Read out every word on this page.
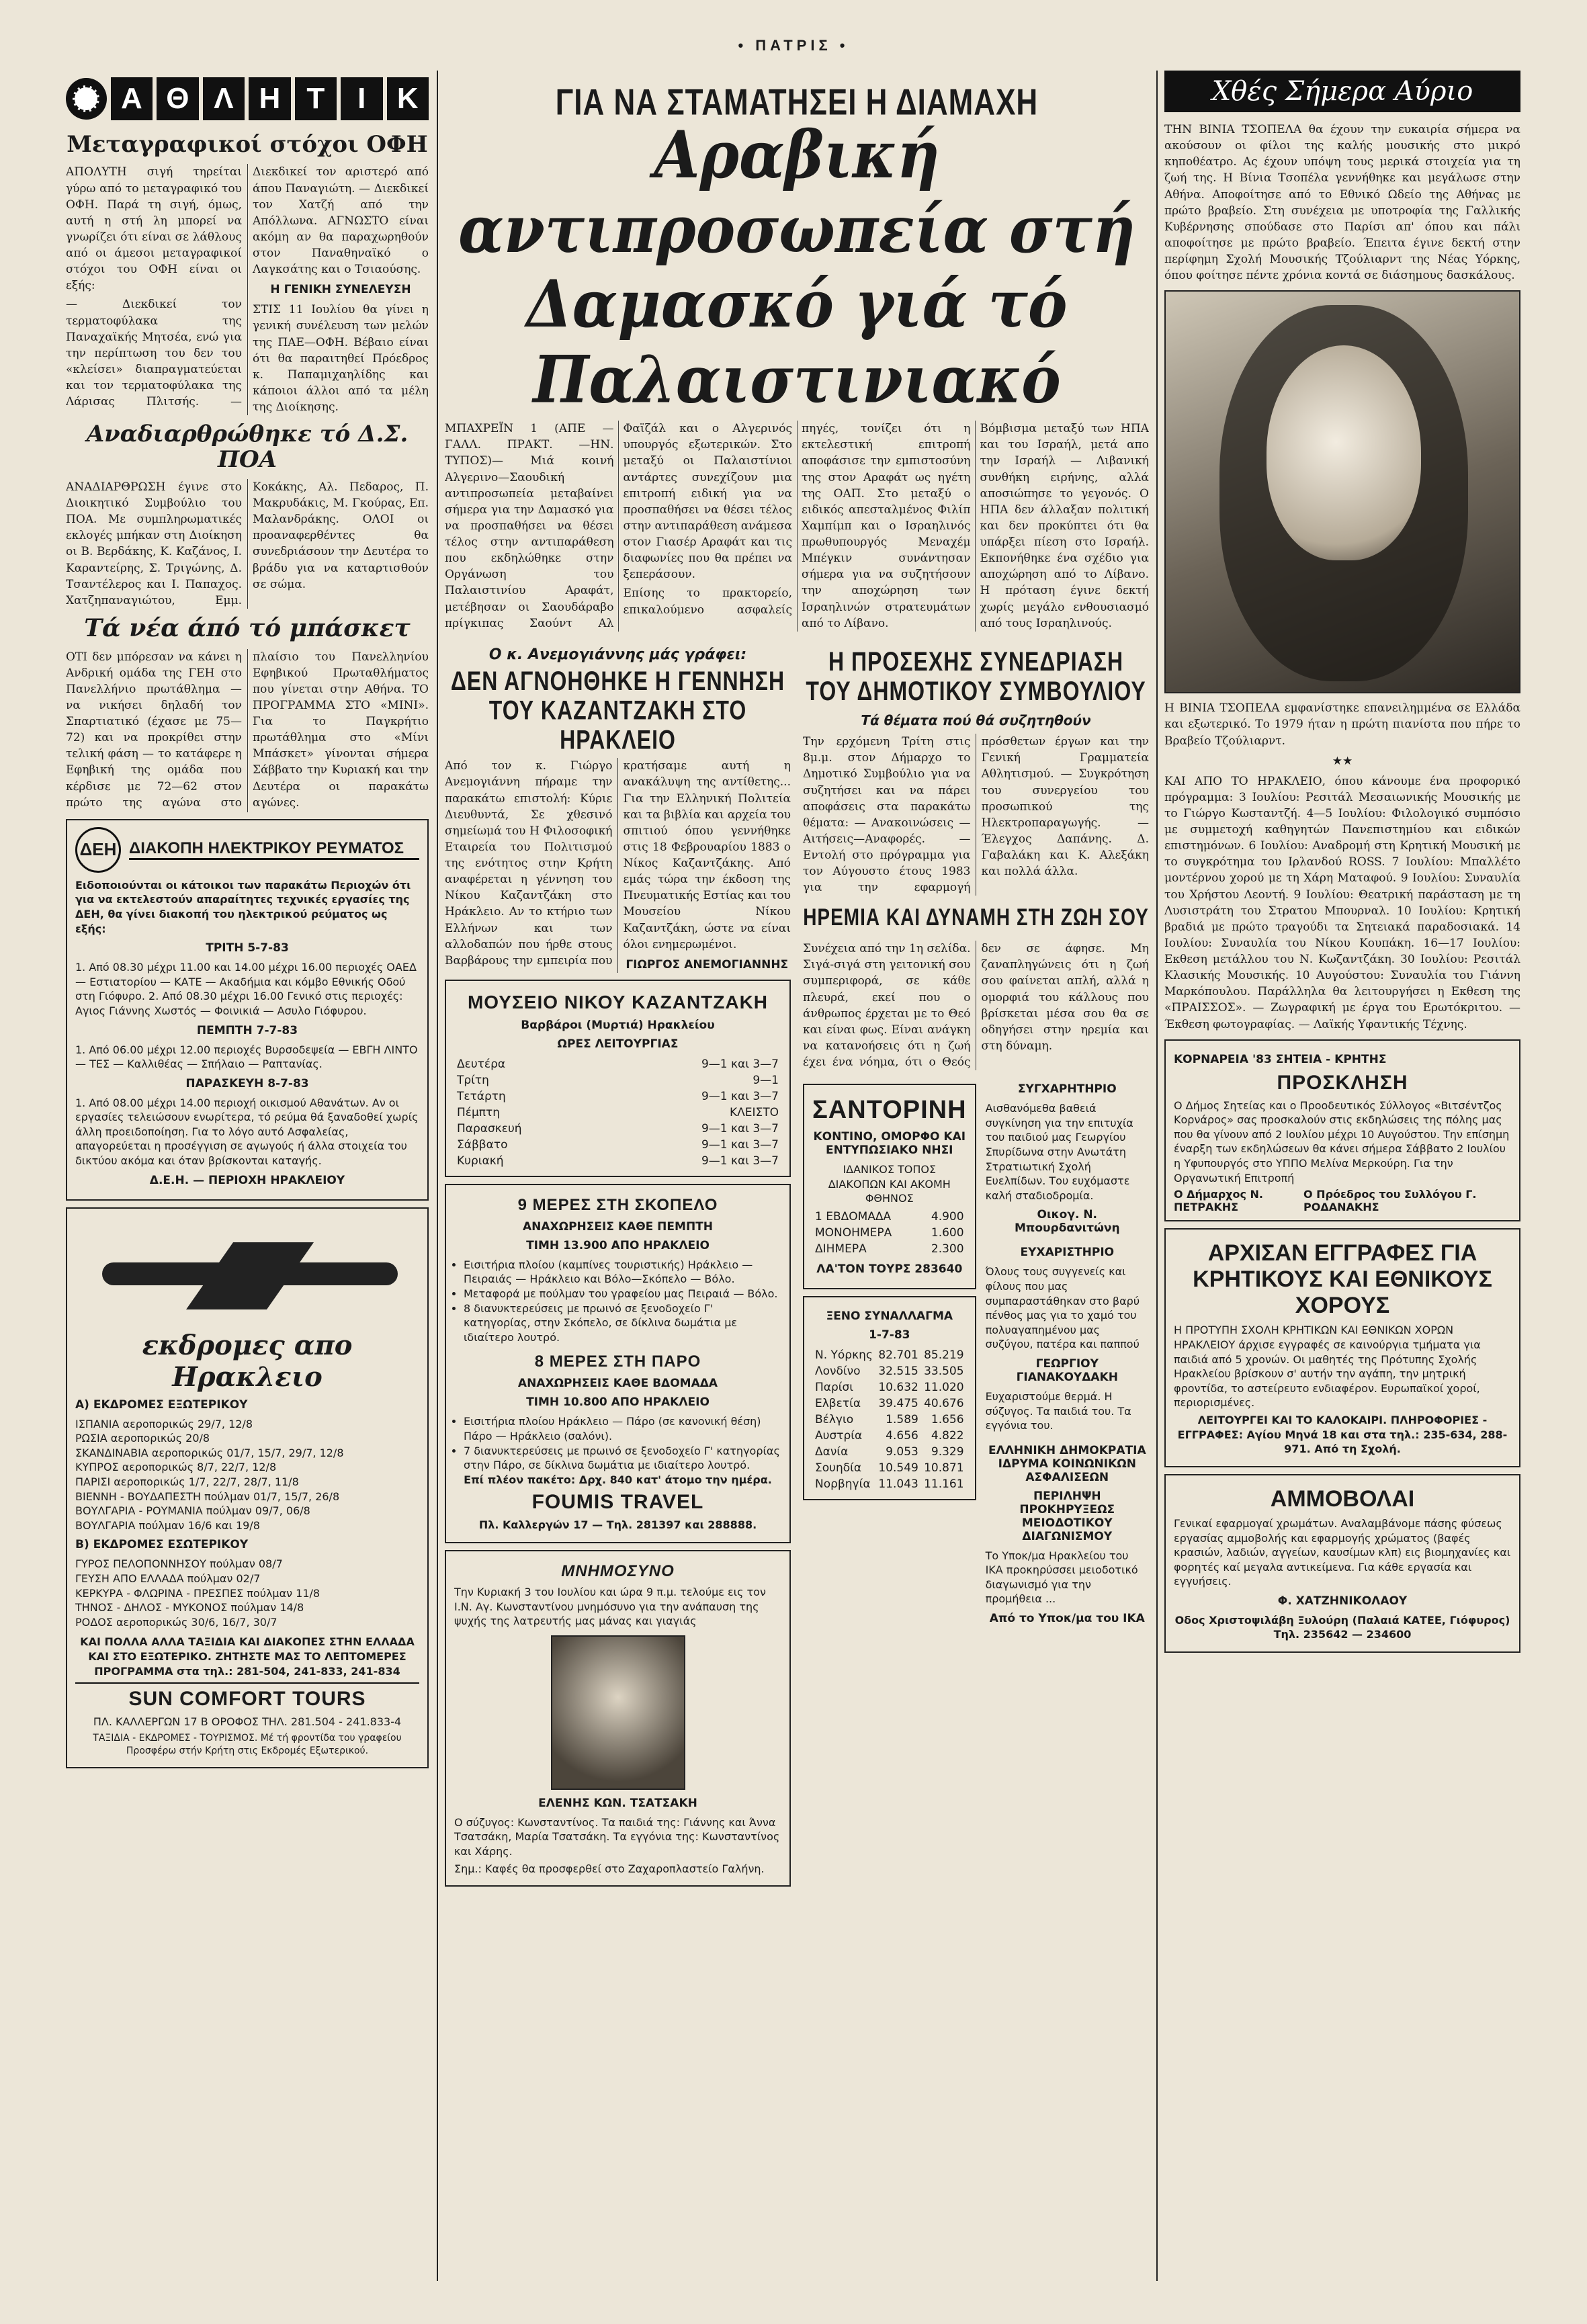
• ΠΑΤΡΙΣ •
Α Θ Λ Η Τ	Ι	Κ
Μεταγραφικοί στόχοι ΟΦΗ

ΑΠΟΛΥΤΗ σιγή τηρείται γύρω από το μεταγραφικό του ΟΦΗ. Παρά τη σιγή, όμως, αυτή η στή λη μπορεί να γνωρίζει ότι είναι σε λάθλους από οι άμεσοι μεταγραφικοί στόχοι του ΟΦΗ είναι οι εξής:

— Διεκδικεί τον τερματοφύλακα της Παναχαϊκής Μητσέα, ενώ για την περίπτωση του δεν του «κλείσει» διαπραγματεύεται και τον τερματοφύλακα της Λάρισας Πλιτσής. — Διεκδικεί τον αριστερό από άπου Παναγιώτη. — Διεκδικεί τον Χατζή από την Απόλλωνα. ΑΓΝΩΣΤΟ είναι ακόμη αν θα παραχωρηθούν στον Παναθηναϊκό ο Λαγκσάτης και ο Τσιαούσης.

Η ΓΕΝΙΚΗ ΣΥΝΕΛΕΥΣΗ

ΣΤΙΣ 11 Ιουλίου θα γίνει η γενική συνέλευση των μελών της ΠΑΕ—ΟΦΗ. Βέβαιο είναι ότι θα παραιτηθεί Πρόεδρος κ. Παπαμιχαηλίδης και κάποιοι άλλοι από τα μέλη της Διοίκησης.

Αναδιαρθρώθηκε τό Δ.Σ. ΠΟΑ

ΑΝΑΔΙΑΡΘΡΩΣΗ έγινε στο Διοικητικό Συμβούλιο του ΠΟΑ. Με συμπληρωματικές εκλογές μπήκαν στη Διοίκηση οι Β. Βερδάκης, Κ. Καζάνος, Ι. Καραντείρης, Σ. Τριγώνης, Δ. Τσαντέλερος και Ι. Παπαχος. Χατζηπαναγιώτου, Εμμ. Κοκάκης, Αλ. Πεδαρος, Π. Μακρυδάκις, Μ. Γκούρας, Επ. Μαλανδράκης. ΟΛΟΙ οι προαναφερθέντες θα συνεδριάσουν την Δευτέρα το βράδυ για να καταρτισθούν σε σώμα.

Τά νέα άπό τό μπάσκετ

ΟΤΙ δεν μπόρεσαν να κάνει η Ανδρική ομάδα της ΓΕΗ στο Πανελλήνιο πρωτάθλημα — να νικήσει δηλαδή τον Σπαρτιατικό (έχασε με 75—72) και να προκρίθει στην τελική φάση — το κατάφερε η Εφηβική της ομάδα που κέρδισε με 72—62 στον πρώτο της αγώνα στο πλαίσιο του Πανελληνίου Εφηβικού Πρωταθλήματος που γίνεται στην Αθήνα. ΤΟ ΠΡΟΓΡΑΜΜΑ ΣΤΟ «ΜΙΝΙ». Για το Παγκρήτιο πρωτάθλημα στο «Μίνι Μπάσκετ» γίνονται σήμερα Σάββατο την Κυριακή και την Δευτέρα οι παρακάτω αγώνες.

ΔΕΗ ΔΙΑΚΟΠΗ ΗΛΕΚΤΡΙΚΟΥ ΡΕΥΜΑΤΟΣ

Ειδοποιούνται οι κάτοικοι των παρακάτω Περιοχών ότι για να εκτελεστούν απαραίτητες τεχνικές εργασίες της ΔΕΗ, θα γίνει διακοπή του ηλεκτρικού ρεύματος ως εξής:

ΤΡΙΤΗ 5-7-83

1. Από 08.30 μέχρι 11.00 και 14.00 μέχρι 16.00 περιοχές ΟΑΕΔ — Εστιατορίου — ΚΑΤΕ — Ακαδήμια και κόμβο Εθνικής Οδού στη Γιόφυρο. 2. Από 08.30 μέχρι 16.00 Γενικό στις περιοχές: Αγιος Γιάννης Χωστός — Φοινικιά — Ασυλο Γιόφυρου.

ΠΕΜΠΤΗ 7-7-83

1. Από 06.00 μέχρι 12.00 περιοχές Βυρσοδεψεία — ΕΒΓΗ ΛΙΝΤΟ — ΤΕΣ — Καλλιθέας — Σπήλαιο — Ραπτανίας.

ΠΑΡΑΣΚΕΥΗ 8-7-83

1. Από 08.00 μέχρι 14.00 περιοχή οικισμού Αθανάτων. Αν οι εργασίες τελειώσουν ενωρίτερα, τό ρεύμα θά ξαναδοθεί χωρίς άλλη προειδοποίηση. Για το λόγο αυτό Ασφαλείας, απαγορεύεται η προσέγγιση σε αγωγούς ή άλλα στοιχεία του δικτύου ακόμα και όταν βρίσκονται καταγής.

Δ.Ε.Η. — ΠΕΡΙΟΧΗ ΗΡΑΚΛΕΙΟΥ
εκδρομες απο Ηρακλειο
Α) ΕΚΔΡΟΜΕΣ ΕΞΩΤΕΡΙΚΟΥ
ΙΣΠΑΝΙΑ αεροπορικώς 29/7, 12/8
ΡΩΣΙΑ αεροπορικώς 20/8
ΣΚΑΝΔΙΝΑΒΙΑ αεροπορικώς 01/7, 15/7, 29/7, 12/8
ΚΥΠΡΟΣ αεροπορικώς 8/7, 22/7, 12/8
ΠΑΡΙΣΙ αεροπορικώς 1/7, 22/7, 28/7, 11/8
ΒΙΕΝΝΗ - ΒΟΥΔΑΠΕΣΤΗ πούλμαν 01/7, 15/7, 26/8
ΒΟΥΛΓΑΡΙΑ - ΡΟΥΜΑΝΙΑ πούλμαν 09/7, 06/8
ΒΟΥΛΓΑΡΙΑ πούλμαν 16/6 και 19/8
Β) ΕΚΔΡΟΜΕΣ ΕΣΩΤΕΡΙΚΟΥ
ΓΥΡΟΣ ΠΕΛΟΠΟΝΝΗΣΟΥ πούλμαν 08/7
ΓΕΥΣΗ ΑΠΟ ΕΛΛΑΔΑ πούλμαν 02/7
ΚΕΡΚΥΡΑ - ΦΛΩΡΙΝΑ - ΠΡΕΣΠΕΣ πούλμαν 11/8
ΤΗΝΟΣ - ΔΗΛΟΣ - ΜΥΚΟΝΟΣ πούλμαν 14/8
ΡΟΔΟΣ αεροπορικώς 30/6, 16/7, 30/7

ΚΑΙ ΠΟΛΛΑ ΑΛΛΑ ΤΑΞΙΔΙΑ ΚΑΙ ΔΙΑΚΟΠΕΣ ΣΤΗΝ ΕΛΛΑΔΑ ΚΑΙ ΣΤΟ ΕΞΩΤΕΡΙΚΟ. ΖΗΤΗΣΤΕ ΜΑΣ ΤΟ ΛΕΠΤΟΜΕΡΕΣ ΠΡΟΓΡΑΜΜΑ στα τηλ.: 281-504, 241-833, 241-834

SUN COMFORT TOURS

ΠΛ. ΚΑΛΛΕΡΓΩΝ 17 Β ΟΡΟΦΟΣ ΤΗΛ. 281.504 - 241.833-4

ΤΑΞΙΔΙΑ - ΕΚΔΡΟΜΕΣ - ΤΟΥΡΙΣΜΟΣ. Μέ τή φροντίδα του γραφείου Προσφέρω στήν Κρήτη στις Εκδρομές Εξωτερικού.

ΓΙΑ ΝΑ ΣΤΑΜΑΤΗΣΕΙ Η ΔΙΑΜΑΧΗ
Αραβική αντιπροσωπεία στή Δαμασκό γιά τό Παλαιστινιακό

ΜΠΑΧΡΕΪΝ 1 (ΑΠΕ — ΓΑΛΛ. ΠΡΑΚΤ. —ΗΝ. ΤΥΠΟΣ)— Μιά κοινή Αλγερινο—Σαουδική αντιπροσωπεία μεταβαίνει σήμερα για την Δαμασκό για να προσπαθήσει να θέσει τέλος στην αντιπαράθεση που εκδηλώθηκε στην Οργάνωση του Παλαιστινίου Αραφάτ, μετέβησαν οι Σαουδάραβο πρίγκιπας Σαούντ Αλ Φαϊζάλ και ο Αλγερινός υπουργός εξωτερικών. Στο μεταξύ οι Παλαιστίνιοι αντάρτες συνεχίζουν μια επιτροπή ειδική για να προσπαθήσει να θέσει τέλος στην αντιπαράθεση ανάμεσα στον Γιασέρ Αραφάτ και τις διαφωνίες που θα πρέπει να ξεπεράσουν.

Επίσης το πρακτορείο, επικαλούμενο ασφαλείς πηγές, τονίζει ότι η εκτελεστική επιτροπή αποφάσισε την εμπιστοσύνη της στον Αραφάτ ως ηγέτη της ΟΑΠ. Στο μεταξύ ο ειδικός απεσταλμένος Φιλίπ Χαμπίμπ και ο Ισραηλινός πρωθυπουργός Μεναχέμ Μπέγκιν συνάντησαν σήμερα για να συζητήσουν την αποχώρηση των Ισραηλινών στρατευμάτων από το Λίβανο.

Βόμβισμα μεταξύ των ΗΠΑ και του Ισραήλ, μετά απο την Ισραήλ — Λιβανική συνθήκη ειρήνης, αλλά αποσιώπησε το γεγονός. Ο ΗΠΑ δεν άλλαξαν πολιτική και δεν προκύπτει ότι θα υπάρξει πίεση στο Ισραήλ. Εκπονήθηκε ένα σχέδιο για αποχώρηση από το Λίβανο. Η πρόταση έγινε δεκτή χωρίς μεγάλο ενθουσιασμό από τους Ισραηλινούς.

Ο κ. Ανεμογιάννης μάς γράφει:
ΔΕΝ ΑΓΝΟΗΘΗΚΕ Η ΓΕΝΝΗΣΗ ΤΟΥ ΚΑΖΑΝΤΖΑΚΗ ΣΤΟ ΗΡΑΚΛΕΙΟ

Από τον κ. Γιώργο Ανεμογιάννη πήραμε την παρακάτω επιστολή: Κύριε Διευθυντά, Σε χθεσινό σημείωμά του Η Φιλοσοφική Εταιρεία του Πολιτισμού της ενότητος στην Κρήτη αναφέρεται η γέννηση του Νίκου Καζαντζάκη στο Ηράκλειο. Αν το κτήριο των Ελλήνων και των αλλοδαπών που ήρθε στους Βαρβάρους την εμπειρία που κρατήσαμε αυτή η ανακάλυψη της αντίθετης... Για την Ελληνική Πολιτεία και τα βιβλία και αρχεία του σπιτιού όπου γεννήθηκε στις 18 Φεβρουαρίου 1883 ο Νίκος Καζαντζάκης. Από εμάς τώρα την έκδοση της Πνευματικής Εστίας και του Μουσείου Νίκου Καζαντζάκη, ώστε να είναι όλοι ενημερωμένοι.

ΓΙΩΡΓΟΣ ΑΝΕΜΟΓΙΑΝΝΗΣ
ΜΟΥΣΕΙΟ ΝΙΚΟΥ ΚΑΖΑΝΤΖΑΚΗ
Βαρβάροι (Μυρτιά) Ηρακλείου
ΩΡΕΣ ΛΕΙΤΟΥΡΓΙΑΣ
Δευτέρα	9—1 και 3—7
Τρίτη	9—1
Τετάρτη	9—1 και 3—7
Πέμπτη	ΚΛΕΙΣΤΟ
Παρασκευή	9—1 και 3—7
Σάββατο	9—1 και 3—7
Κυριακή	9—1 και 3—7
9 ΜΕΡΕΣ ΣΤΗ ΣΚΟΠΕΛΟ
ΑΝΑΧΩΡΗΣΕΙΣ ΚΑΘΕ ΠΕΜΠΤΗ
ΤΙΜΗ 13.900 ΑΠΟ ΗΡΑΚΛΕΙΟ
• Εισιτήρια πλοίου (καμπίνες τουριστικής) Ηράκλειο — Πειραιάς — Ηράκλειο και Βόλο—Σκόπελο — Βόλο.
• Μεταφορά με πούλμαν του γραφείου μας Πειραιά — Βόλο.
• 8 διανυκτερεύσεις με πρωινό σε ξενοδοχείο Γ' κατηγορίας, στην Σκόπελο, σε δίκλινα δωμάτια με ιδιαίτερο λουτρό.
8 ΜΕΡΕΣ ΣΤΗ ΠΑΡΟ
ΑΝΑΧΩΡΗΣΕΙΣ ΚΑΘΕ ΒΔΟΜΑΔΑ
ΤΙΜΗ 10.800 ΑΠΟ ΗΡΑΚΛΕΙΟ
• Εισιτήρια πλοίου Ηράκλειο — Πάρο (σε κανονική θέση) Πάρο — Ηράκλειο (σαλόνι).
• 7 διανυκτερεύσεις με πρωινό σε ξενοδοχείο Γ' κατηγορίας στην Πάρο, σε δίκλινα δωμάτια με ιδιαίτερο λουτρό.

Επί πλέον πακέτο: Δρχ. 840 κατ' άτομο την ημέρα.

FOUMIS TRAVEL

Πλ. Καλλεργών 17 — Τηλ. 281397 και 288888.

ΜΝΗΜΟΣΥΝΟ

Την Κυριακή 3 του Ιουλίου και ώρα 9 π.μ. τελούμε εις τον Ι.Ν. Αγ. Κωνσταντίνου μνημόσυνο για την ανάπαυση της ψυχής της λατρευτής μας μάνας και γιαγιάς

ΕΛΕΝΗΣ ΚΩΝ. ΤΣΑΤΣΑΚΗ

Ο σύζυγος: Κωνσταντίνος. Τα παιδιά της: Γιάννης και Άννα Τσατσάκη, Μαρία Τσατσάκη. Τα εγγόνια της: Κωνσταντίνος και Χάρης.

Σημ.: Καφές θα προσφερθεί στο Ζαχαροπλαστείο Γαλήνη.

Η ΠΡΟΣΕΧΗΣ ΣΥΝΕΔΡΙΑΣΗ ΤΟΥ ΔΗΜΟΤΙΚΟΥ ΣΥΜΒΟΥΛΙΟΥ
Τά θέματα πού θά συζητηθούν

Την ερχόμενη Τρίτη στις 8μ.μ. στον Δήμαρχο το Δημοτικό Συμβούλιο για να συζητήσει και να πάρει αποφάσεις στα παρακάτω θέματα: — Ανακοινώσεις —Αιτήσεις—Αναφορές. — Εντολή στο πρόγραμμα για τον Αύγουστο έτους 1983 για την εφαρμογή πρόσθετων έργων και την Γενική Γραμματεία Αθλητισμού. — Συγκρότηση του συνεργείου του προσωπικού της Ηλεκτροπαραγωγής. — Έλεγχος Δαπάνης. Δ. Γαβαλάκη και Κ. Αλεξάκη και πολλά άλλα.

ΗΡΕΜΙΑ ΚΑΙ ΔΥΝΑΜΗ ΣΤΗ ΖΩΗ ΣΟΥ

Συνέχεια από την 1η σελίδα. Σιγά-σιγά στη γειτονική σου συμπεριφορά, σε κάθε πλευρά, εκεί που ο άνθρωπος έρχεται με το Θεό και είναι φως. Είναι ανάγκη να κατανοήσεις ότι η ζωή έχει ένα νόημα, ότι ο Θεός δεν σε άφησε. Μη ζαναπληγώνεις ότι η ζωή σου φαίνεται απλή, αλλά η ομορφιά του κάλλους που βρίσκεται μέσα σου θα σε οδηγήσει στην ηρεμία και στη δύναμη.

ΣΑΝΤΟΡΙΝΗ
ΚΟΝΤΙΝΟ, ΟΜΟΡΦΟ ΚΑΙ ΕΝΤΥΠΩΣΙΑΚΟ ΝΗΣΙ

ΙΔΑΝΙΚΟΣ ΤΟΠΟΣ ΔΙΑΚΟΠΩΝ ΚΑΙ ΑΚΟΜΗ ΦΘΗΝΟΣ

1 ΕΒΔΟΜΑΔΑ	4.900
ΜΟΝΟΗΜΕΡΑ	1.600
ΔΙΗΜΕΡΑ	2.300
ΛΑ'ΤΟΝ ΤΟΥΡΣ 283640
ΞΕΝΟ ΣΥΝΑΛΛΑΓΜΑ
1-7-83
Ν. Υόρκης	82.701	85.219
Λονδίνο	32.515	33.505
Παρίσι	10.632	11.020
Ελβετία	39.475	40.676
Βέλγιο	1.589	1.656
Αυστρία	4.656	4.822
Δανία	9.053	9.329
Σουηδία	10.549	10.871
Νορβηγία	11.043	11.161
ΣΥΓΧΑΡΗΤΗΡΙΟ

Αισθανόμεθα βαθειά συγκίνηση για την επιτυχία του παιδιού μας Γεωργίου Σπυρίδωνα στην Ανωτάτη Στρατιωτική Σχολή Ευελπίδων. Του ευχόμαστε καλή σταδιοδρομία.

Οικογ. Ν. Μπουρδανιτώνη
ΕΥΧΑΡΙΣΤΗΡΙΟ

Όλους τους συγγενείς και φίλους που μας συμπαραστάθηκαν στο βαρύ πένθος μας για το χαμό του πολυαγαπημένου μας συζύγου, πατέρα και παππού

ΓΕΩΡΓΙΟΥ ΓΙΑΝΑΚΟΥΔΑΚΗ

Ευχαριστούμε θερμά. Η σύζυγος. Τα παιδιά του. Τα εγγόνια του.

ΕΛΛΗΝΙΚΗ ΔΗΜΟΚΡΑΤΙΑ ΙΔΡΥΜΑ ΚΟΙΝΩΝΙΚΩΝ ΑΣΦΑΛΙΣΕΩΝ
ΠΕΡΙΛΗΨΗ ΠΡΟΚΗΡΥΞΕΩΣ ΜΕΙΟΔΟΤΙΚΟΥ ΔΙΑΓΩΝΙΣΜΟΥ

Το Υποκ/μα Ηρακλείου του ΙΚΑ προκηρύσσει μειοδοτικό διαγωνισμό για την προμήθεια ...

Από το Υποκ/μα του ΙΚΑ
Χθές Σήμερα Αύριο

ΤΗΝ ΒΙΝΙΑ ΤΣΟΠΕΛΑ θα έχουν την ευκαιρία σήμερα να ακούσουν οι φίλοι της καλής μουσικής στο μικρό κηποθέατρο. Ας έχουν υπόψη τους μερικά στοιχεία για τη ζωή της. Η Βίνια Τσοπέλα γεννήθηκε και μεγάλωσε στην Αθήνα. Αποφοίτησε από το Εθνικό Ωδείο της Αθήνας με πρώτο βραβείο. Στη συνέχεια με υποτροφία της Γαλλικής Κυβέρνησης σπούδασε στο Παρίσι απ' όπου και πάλι αποφοίτησε με πρώτο βραβείο. Έπειτα έγινε δεκτή στην περίφημη Σχολή Μουσικής Τζούλιαρντ της Νέας Υόρκης, όπου φοίτησε πέντε χρόνια κοντά σε διάσημους δασκάλους.

Η ΒΙΝΙΑ ΤΣΟΠΕΛΑ εμφανίστηκε επανειλημμένα σε Ελλάδα και εξωτερικό. Το 1979 ήταν η πρώτη πιανίστα που πήρε το Βραβείο Τζούλιαρντ.

★★

ΚΑΙ ΑΠΟ ΤΟ ΗΡΑΚΛΕΙΟ, όπου κάνουμε ένα προφορικό πρόγραμμα: 3 Ιουλίου: Ρεσιτάλ Μεσαιωνικής Μουσικής με το Γιώργο Κωσταντζή. 4—5 Ιουλίου: Φιλολογικό συμπόσιο με συμμετοχή καθηγητών Πανεπιστημίου και ειδικών επιστημόνων. 6 Ιουλίου: Αναδρομή στη Κρητική Μουσική με το συγκρότημα του Ιρλανδού ROSS. 7 Ιουλίου: Μπαλλέτο μοντέρνου χορού με τη Χάρη Ματαφού. 9 Ιουλίου: Συναυλία του Χρήστου Λεοντή. 9 Ιουλίου: Θεατρική παράσταση με τη Λυσιστράτη του Στρατου Μπουρναλ. 10 Ιουλίου: Κρητική βραδιά με πρώτο τραγούδι τα Σητειακά παραδοσιακά. 14 Ιουλίου: Συναυλία του Νίκου Κουπάκη. 16—17 Ιουλίου: Εκθεση μετάλλου του Ν. Κωζαντζάκη. 30 Ιουλίου: Ρεσιτάλ Κλασικής Μουσικής. 10 Αυγούστου: Συναυλία του Γιάννη Μαρκόπουλου. Παράλληλα θα λειτουργήσει η Εκθεση της «ΠΡΑΙΣΣΟΣ». — Ζωγραφική με έργα του Ερωτόκριτου. — Έκθεση φωτογραφίας. — Λαϊκής Υφαντικής Τέχνης.

ΚΟΡΝΑΡΕΙΑ '83 ΣΗΤΕΙΑ - ΚΡΗΤΗΣ
ΠΡΟΣΚΛΗΣΗ

Ο Δήμος Σητείας και ο Προοδευτικός Σύλλογος «Βιτσέντζος Κορνάρος» σας προσκαλούν στις εκδηλώσεις της πόλης μας που θα γίνουν από 2 Ιουλίου μέχρι 10 Αυγούστου. Την επίσημη έναρξη των εκδηλώσεων θα κάνει σήμερα Σάββατο 2 Ιουλίου η Υφυπουργός στο ΥΠΠΟ Μελίνα Μερκούρη. Για την Οργανωτική Επιτροπή

Ο Δήμαρχος Ν. ΠΕΤΡΑΚΗΣ
Ο Πρόεδρος του Συλλόγου Γ. ΡΟΔΑΝΑΚΗΣ
ΑΡΧΙΣΑΝ ΕΓΓΡΑΦΕΣ ΓΙΑ ΚΡΗΤΙΚΟΥΣ ΚΑΙ ΕΘΝΙΚΟΥΣ ΧΟΡΟΥΣ

Η ΠΡΟΤΥΠΗ ΣΧΟΛΗ ΚΡΗΤΙΚΩΝ ΚΑΙ ΕΘΝΙΚΩΝ ΧΟΡΩΝ ΗΡΑΚΛΕΙΟΥ άρχισε εγγραφές σε καινούργια τμήματα για παιδιά από 5 χρονών. Οι μαθητές της Πρότυπης Σχολής Ηρακλείου βρίσκουν σ' αυτήν την αγάπη, την μητρική φροντίδα, το αστείρευτο ενδιαφέρον. Ευρωπαϊκοί χοροί, περιορισμένες.

ΛΕΙΤΟΥΡΓΕΙ ΚΑΙ ΤΟ ΚΑΛΟΚΑΙΡΙ. ΠΛΗΡΟΦΟΡΙΕΣ - ΕΓΓΡΑΦΕΣ: Αγίου Μηνά 18 και στα τηλ.: 235-634, 288-971. Από τη Σχολή.

ΑΜΜΟΒΟΛΑΙ

Γενικαί εφαρμογαί χρωμάτων. Αναλαμβάνομε πάσης φύσεως εργασίας αμμοβολής και εφαρμογής χρώματος (βαφές κρασιών, λαδιών, αγγείων, καυσίμων κλπ) εις βιομηχανίες και φορητές καί μεγαλα αντικείμενα. Για κάθε εργασία και εγγυήσεις.

Φ. ΧΑΤΖΗΝΙΚΟΛΑΟΥ

Οδος Χριστοψιλάβη Ξυλούρη (Παλαιά ΚΑΤΕΕ, Γιόφυρος) Τηλ. 235642 — 234600
